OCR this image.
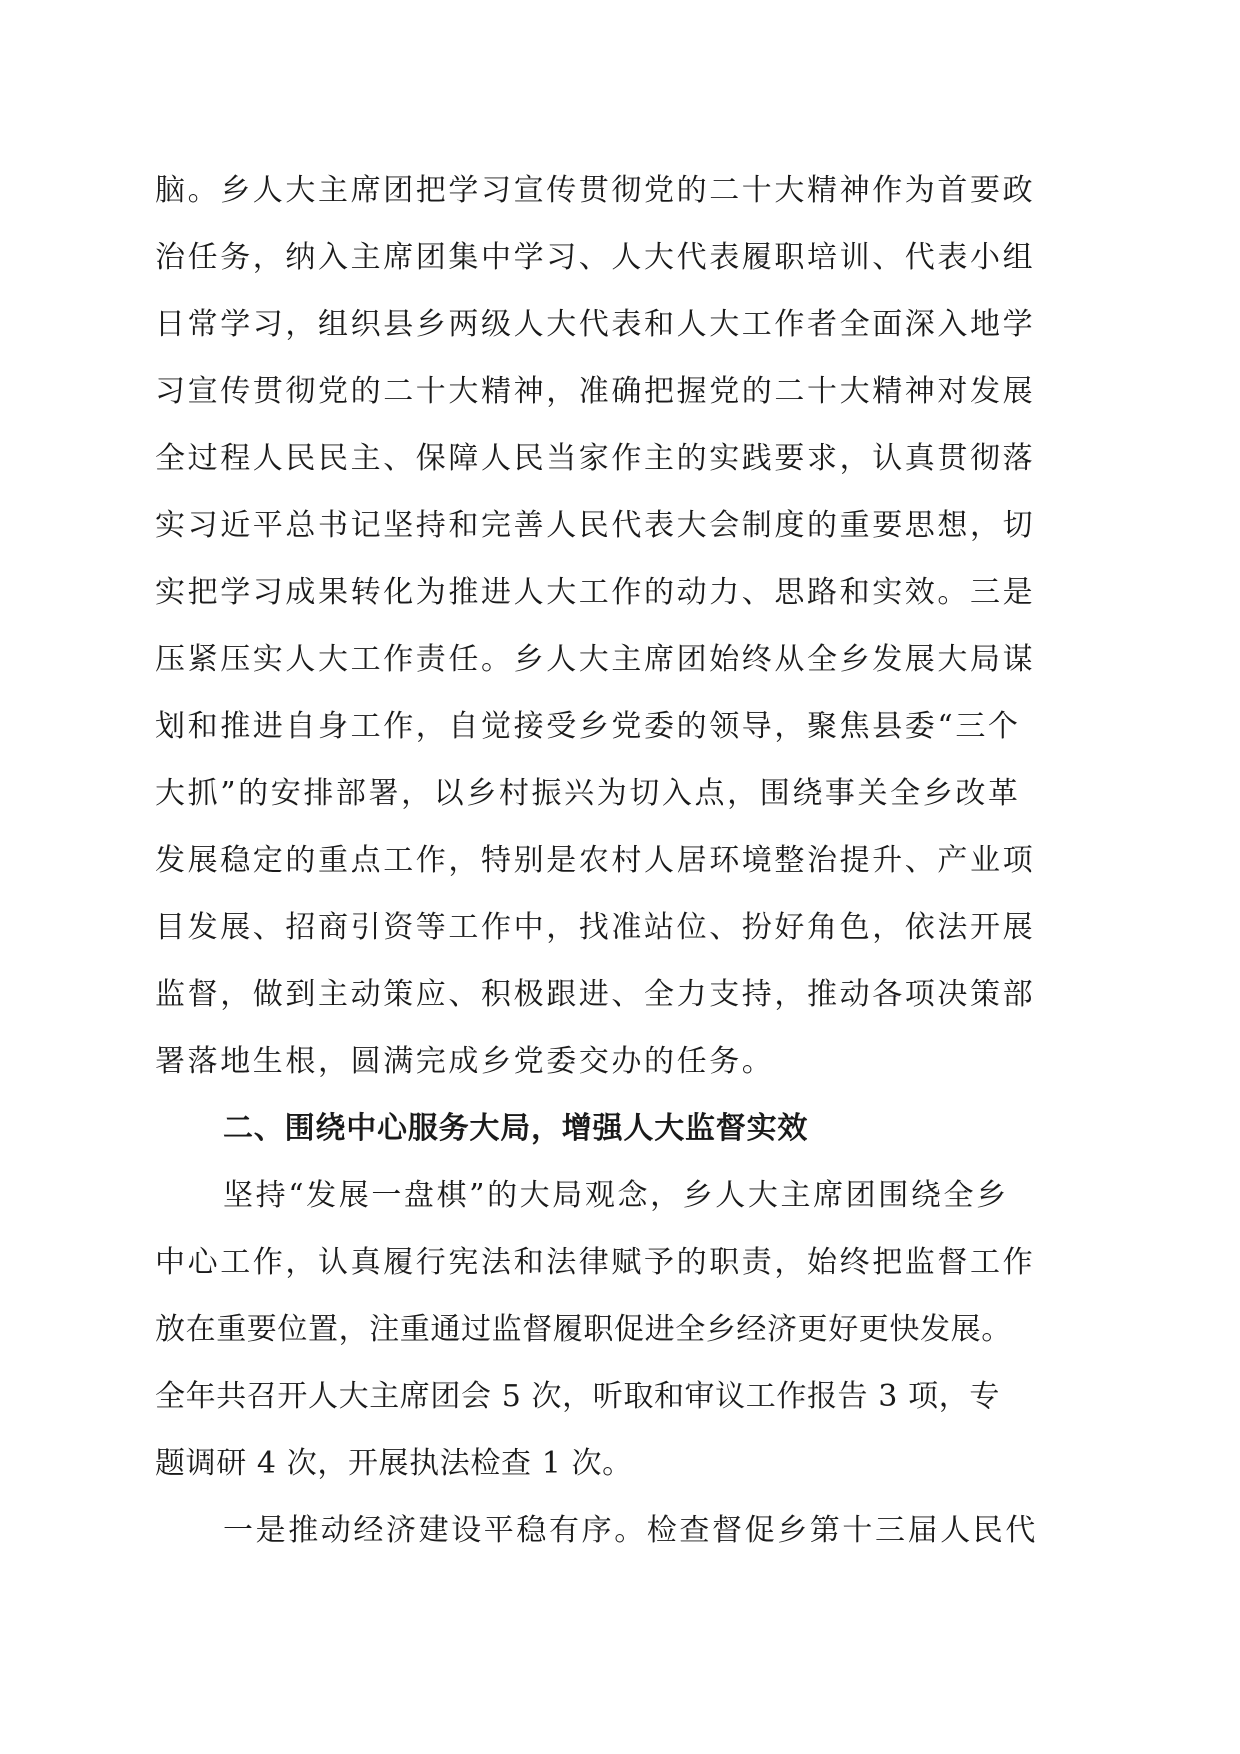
脑。乡人大主席团把学习宣传贯彻党的二十大精神作为首要政
治任务，纳入主席团集中学习、人大代表履职培训、代表小组
日常学习，组织县乡两级人大代表和人大工作者全面深入地学
习宣传贯彻党的二十大精神，准确把握党的二十大精神对发展
全过程人民民主、保障人民当家作主的实践要求，认真贯彻落
实习近平总书记坚持和完善人民代表大会制度的重要思想，切
实把学习成果转化为推进人大工作的动力、思路和实效。三是
压紧压实人大工作责任。乡人大主席团始终从全乡发展大局谋
划和推进自身工作，自觉接受乡党委的领导，聚焦县委“三个
大抓”的安排部署，以乡村振兴为切入点，围绕事关全乡改革
发展稳定的重点工作，特别是农村人居环境整治提升、产业项
目发展、招商引资等工作中，找准站位、扮好角色，依法开展
监督，做到主动策应、积极跟进、全力支持，推动各项决策部
署落地生根，圆满完成乡党委交办的任务。
二、围绕中心服务大局，增强人大监督实效
坚持“发展一盘棋”的大局观念，乡人大主席团围绕全乡
中心工作，认真履行宪法和法律赋予的职责，始终把监督工作
放在重要位置，注重通过监督履职促进全乡经济更好更快发展。
全年共召开人大主席团会 5 次，听取和审议工作报告 3 项，专
题调研 4 次，开展执法检查 1 次。
一是推动经济建设平稳有序。检查督促乡第十三届人民代
